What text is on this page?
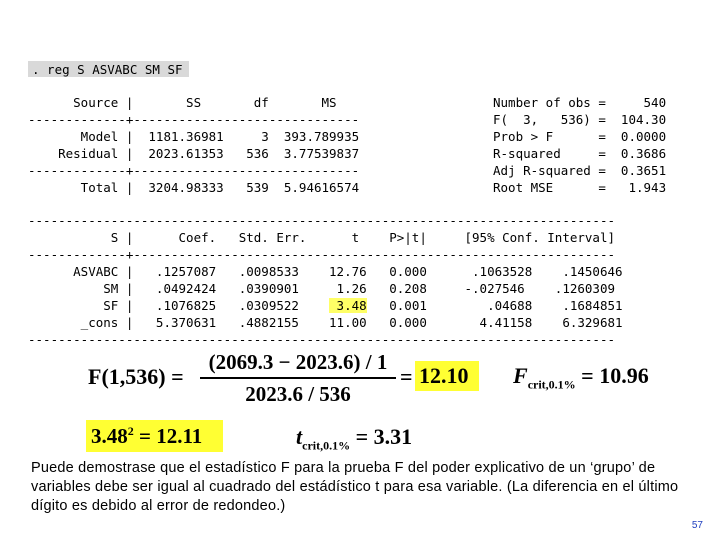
. reg S ASVABC SM SF
Source |       SS       df       MS
-------------+------------------------------
Model |  1181.36981     3  393.789935
Residual |  2023.61353   536  3.77539837
-------------+------------------------------
Total |  3204.98333   539  5.94616574
Number of obs =     540
F(  3,   536) =  104.30
Prob > F      =  0.0000
R-squared     =  0.3686
Adj R-squared =  0.3651
Root MSE      =   1.943
------------------------------------------------------------------------------
S |      Coef.   Std. Err.      t    P>|t|     [95% Conf. Interval]
-------------+----------------------------------------------------------------
ASVABC |   .1257087   .0098533    12.76   0.000      .1063528    .1450646
SM |   .0492424   .0390901     1.26   0.208     -.027546    .1260309
SF |   .1076825   .0309522     3.48   0.001        .04688    .1684851
_cons |   5.370631   .4882155    11.00   0.000       4.41158    6.329681
------------------------------------------------------------------------------
F(1,536) =
(2069.3 − 2023.6) / 1
2023.6 / 536
= 12.10 $F_{crit,0.1\%} = 10.96$
$3.48^2 = 12.11$	$t_{crit,0.1\%} = 3.31$
Puede demostrase que el estadístico F para la prueba F del poder explicativo de un ‘grupo’ de variables debe ser igual al cuadrado del estádístico t para esa variable. (La diferencia en el último dígito es debido al error de redondeo.)
57
